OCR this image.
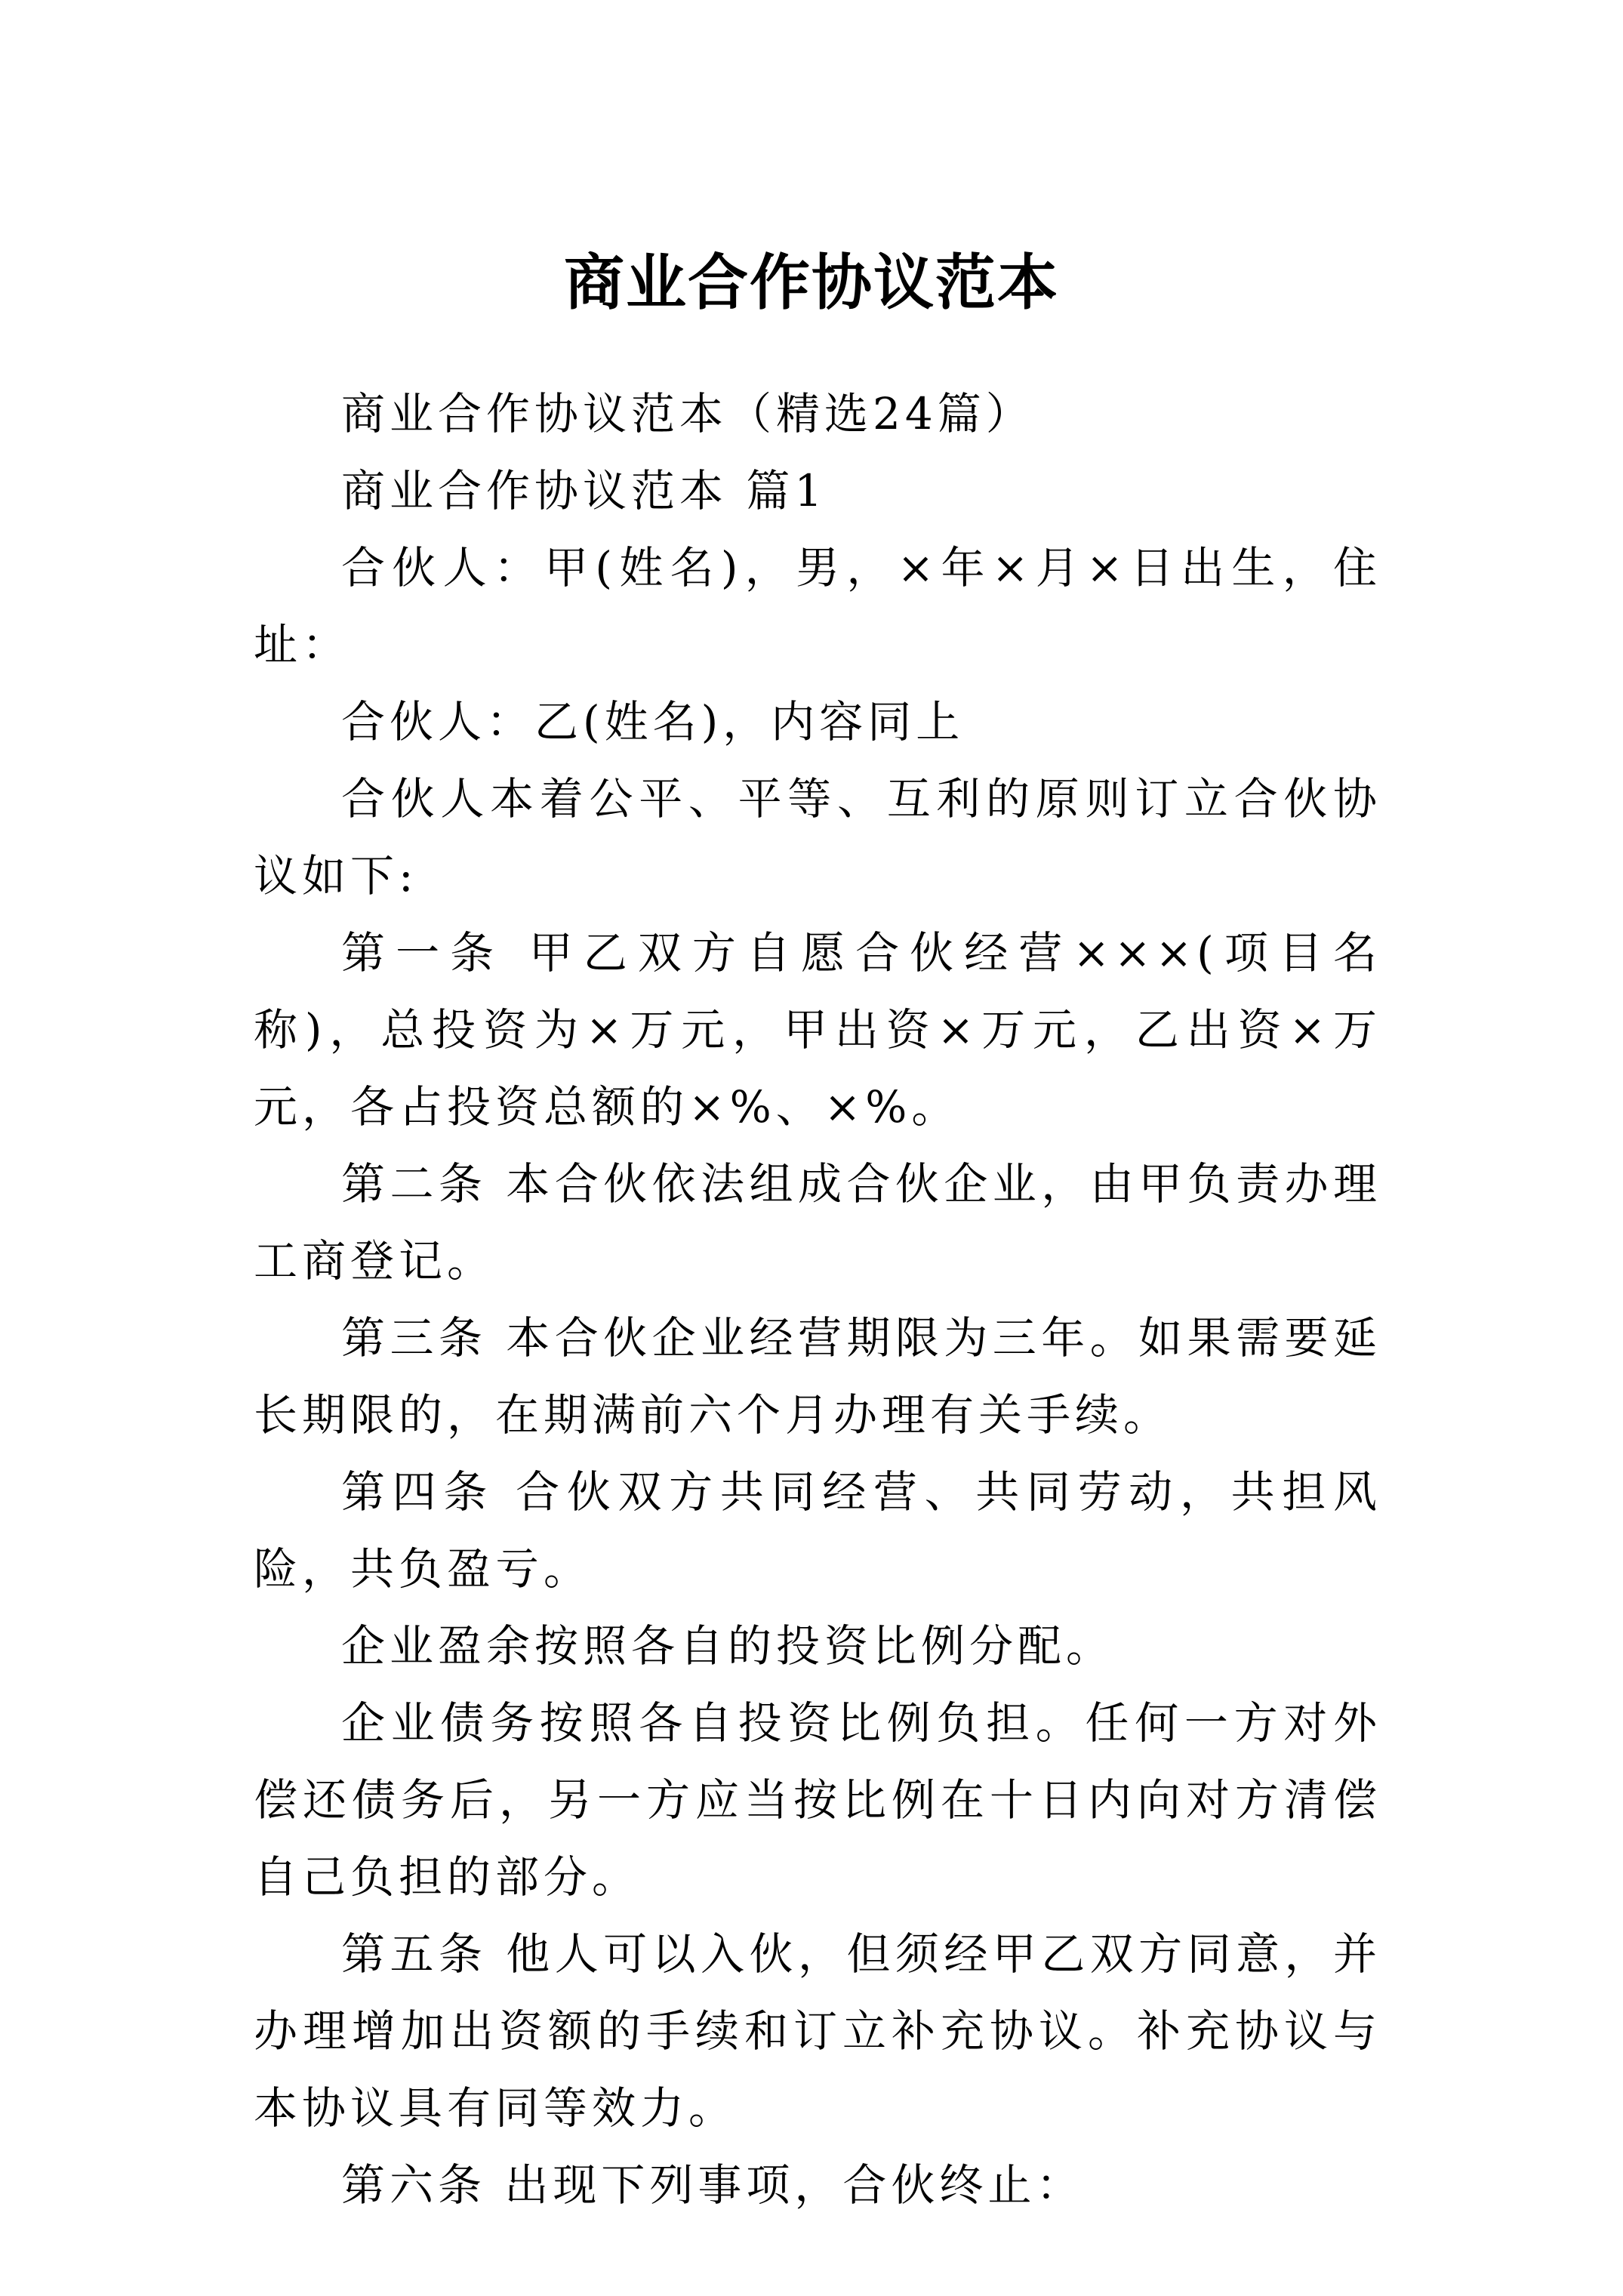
商业合作协议范本

商业合作协议范本（精选24篇）

商业合作协议范本 篇1

合伙人：甲(姓名)，男，×年×月×日出生，住址：

合伙人：乙(姓名)，内容同上

合伙人本着公平、平等、互利的原则订立合伙协议如下:

第一条 甲乙双方自愿合伙经营×××(项目名称)，总投资为×万元，甲出资×万元，乙出资×万元，各占投资总额的×%、×%。

第二条 本合伙依法组成合伙企业，由甲负责办理工商登记。

第三条 本合伙企业经营期限为三年。如果需要延长期限的，在期满前六个月办理有关手续。

第四条 合伙双方共同经营、共同劳动，共担风险，共负盈亏。

企业盈余按照各自的投资比例分配。

企业债务按照各自投资比例负担。任何一方对外偿还债务后，另一方应当按比例在十日内向对方清偿自己负担的部分。

第五条 他人可以入伙，但须经甲乙双方同意，并办理增加出资额的手续和订立补充协议。补充协议与本协议具有同等效力。

第六条 出现下列事项，合伙终止：
